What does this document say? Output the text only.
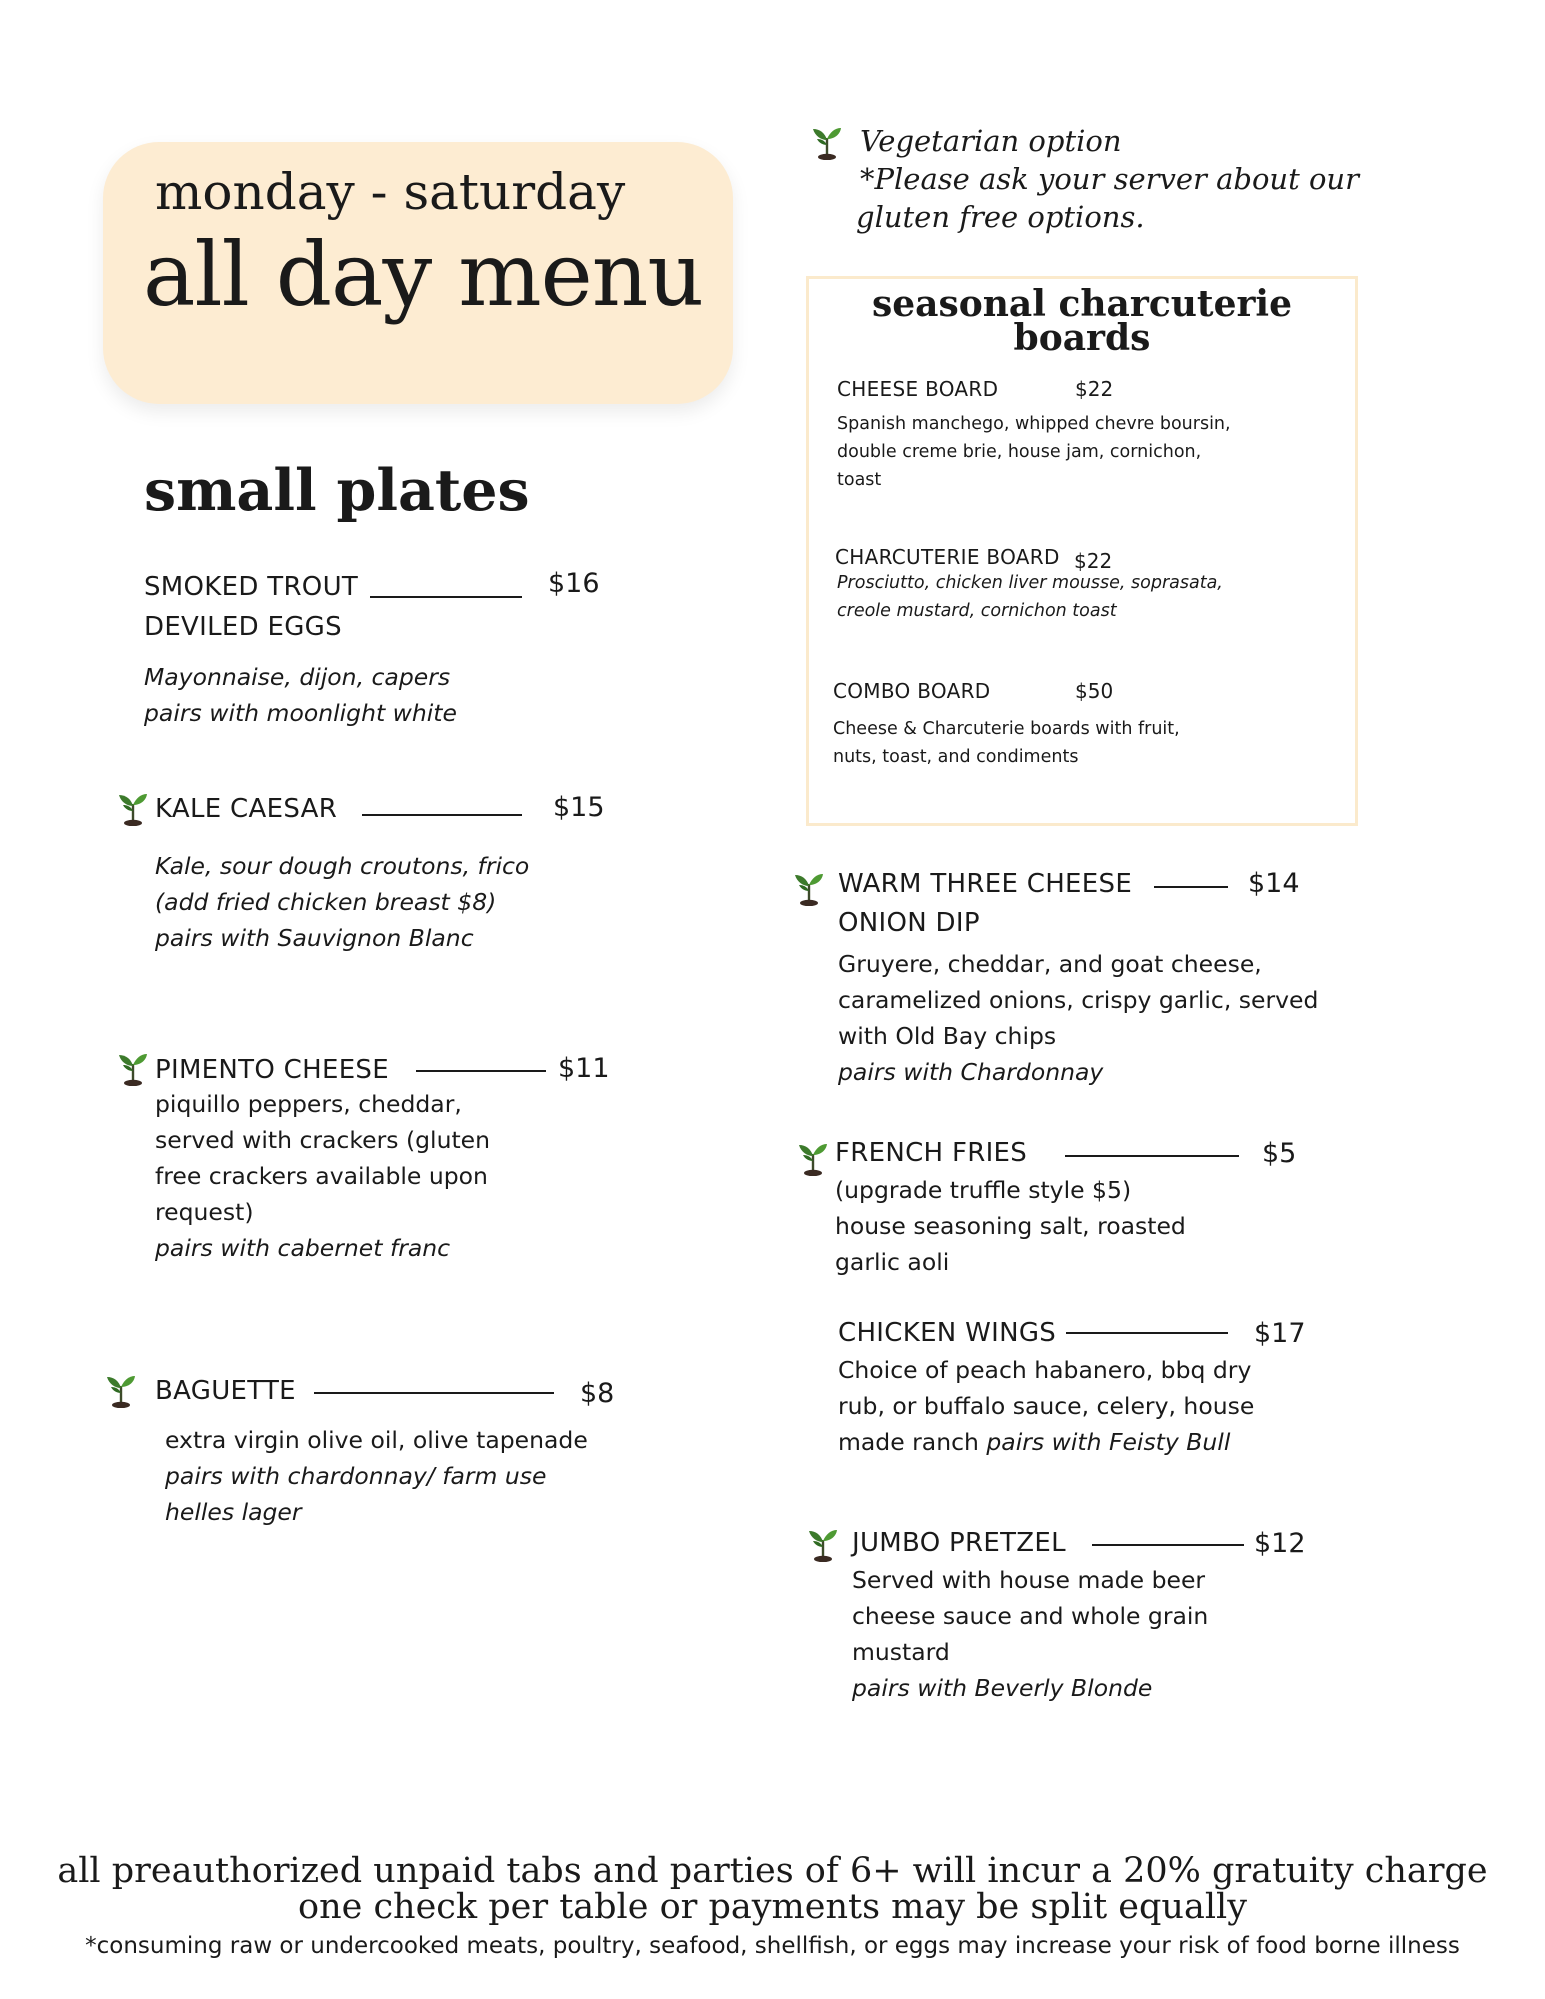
monday - saturday
all day menu
Vegetarian option
*Please ask your server about our
gluten free options.
small plates
SMOKED TROUT	$16
DEVILED EGGS
Mayonnaise, dijon, capers
pairs with moonlight white
KALE CAESAR	$15
Kale, sour dough croutons, frico
(add fried chicken breast $8)
pairs with Sauvignon Blanc
PIMENTO CHEESE	$11
piquillo peppers, cheddar,
served with crackers (gluten
free crackers available upon
request)
pairs with cabernet franc
BAGUETTE	$8
extra virgin olive oil, olive tapenade
pairs with chardonnay/ farm use
helles lager
seasonal charcuterie
boards
CHEESE BOARD	$22
Spanish manchego, whipped chevre boursin,
double creme brie, house jam, cornichon,
toast
CHARCUTERIE BOARD $22
Prosciutto, chicken liver mousse, soprasata,
creole mustard, cornichon toast
COMBO BOARD	$50
Cheese & Charcuterie boards with fruit,
nuts, toast, and condiments
WARM THREE CHEESE	$14
ONION DIP
Gruyere, cheddar, and goat cheese,
caramelized onions, crispy garlic, served
with Old Bay chips
pairs with Chardonnay
FRENCH FRIES	$5
(upgrade truffle style $5)
house seasoning salt, roasted
garlic aoli
CHICKEN WINGS	$17
Choice of peach habanero, bbq dry
rub, or buffalo sauce, celery, house
made ranch pairs with Feisty Bull
JUMBO PRETZEL	$12
Served with house made beer
cheese sauce and whole grain
mustard
pairs with Beverly Blonde
all preauthorized unpaid tabs and parties of 6+ will incur a 20% gratuity charge
one check per table or payments may be split equally
*consuming raw or undercooked meats, poultry, seafood, shellfish, or eggs may increase your risk of food borne illness
